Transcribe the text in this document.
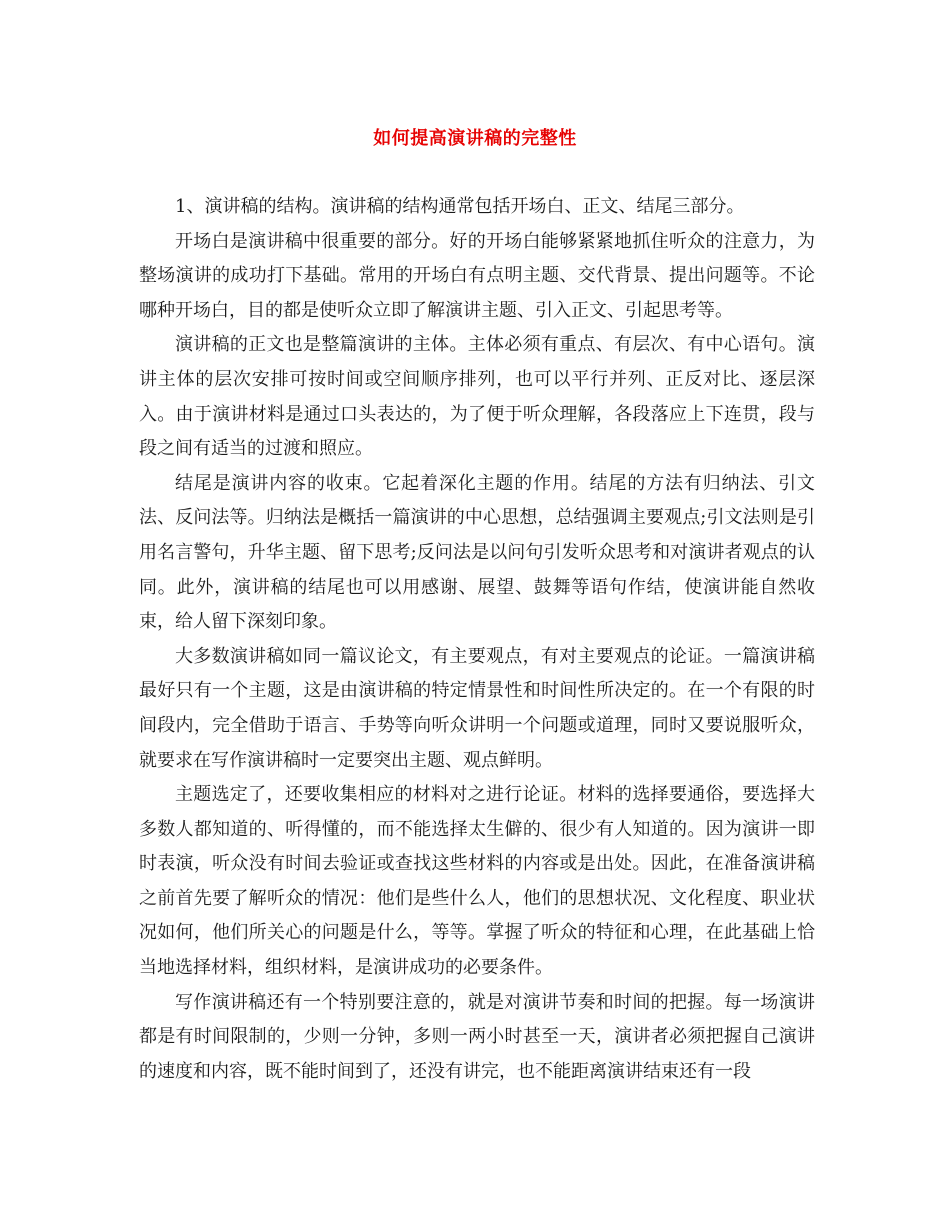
如何提高演讲稿的完整性

1、演讲稿的结构。演讲稿的结构通常包括开场白、正文、结尾三部分。

开场白是演讲稿中很重要的部分。好的开场白能够紧紧地抓住听众的注意力，为整场演讲的成功打下基础。常用的开场白有点明主题、交代背景、提出问题等。不论哪种开场白，目的都是使听众立即了解演讲主题、引入正文、引起思考等。

演讲稿的正文也是整篇演讲的主体。主体必须有重点、有层次、有中心语句。演讲主体的层次安排可按时间或空间顺序排列，也可以平行并列、正反对比、逐层深入。由于演讲材料是通过口头表达的，为了便于听众理解，各段落应上下连贯，段与段之间有适当的过渡和照应。

结尾是演讲内容的收束。它起着深化主题的作用。结尾的方法有归纳法、引文法、反问法等。归纳法是概括一篇演讲的中心思想，总结强调主要观点;引文法则是引用名言警句，升华主题、留下思考;反问法是以问句引发听众思考和对演讲者观点的认同。此外，演讲稿的结尾也可以用感谢、展望、鼓舞等语句作结，使演讲能自然收束，给人留下深刻印象。

大多数演讲稿如同一篇议论文，有主要观点，有对主要观点的论证。一篇演讲稿最好只有一个主题，这是由演讲稿的特定情景性和时间性所决定的。在一个有限的时间段内，完全借助于语言、手势等向听众讲明一个问题或道理，同时又要说服听众，就要求在写作演讲稿时一定要突出主题、观点鲜明。

主题选定了，还要收集相应的材料对之进行论证。材料的选择要通俗，要选择大多数人都知道的、听得懂的，而不能选择太生僻的、很少有人知道的。因为演讲一即时表演，听众没有时间去验证或查找这些材料的内容或是出处。因此，在准备演讲稿之前首先要了解听众的情况：他们是些什么人，他们的思想状况、文化程度、职业状况如何，他们所关心的问题是什么，等等。掌握了听众的特征和心理，在此基础上恰当地选择材料，组织材料，是演讲成功的必要条件。

写作演讲稿还有一个特别要注意的，就是对演讲节奏和时间的把握。每一场演讲都是有时间限制的，少则一分钟，多则一两小时甚至一天，演讲者必须把握自己演讲的速度和内容，既不能时间到了，还没有讲完，也不能距离演讲结束还有一段
